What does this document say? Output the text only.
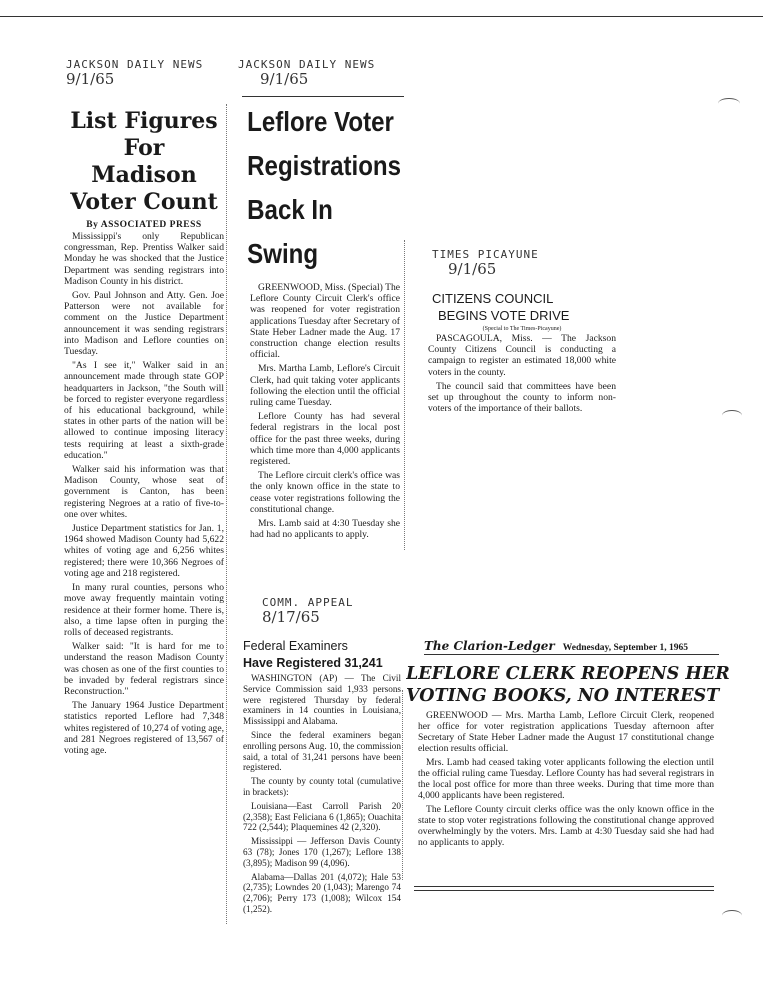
JACKSON DAILY NEWS
9/1/65
List Figures For Madison Voter Count
By ASSOCIATED PRESS

Mississippi's only Republican congressman, Rep. Prentiss Walker said Monday he was shocked that the Justice Department was sending registrars into Madison County in his district.

Gov. Paul Johnson and Atty. Gen. Joe Patterson were not available for comment on the Justice Department announcement it was sending registrars into Madison and Leflore counties on Tuesday.

"As I see it," Walker said in an announcement made through state GOP headquarters in Jackson, "the South will be forced to register everyone regardless of his educational background, while states in other parts of the nation will be allowed to continue imposing literacy tests requiring at least a sixth-grade education."

Walker said his information was that Madison County, whose seat of government is Canton, has been registering Negroes at a ratio of five-to-one over whites.

Justice Department statistics for Jan. 1, 1964 showed Madison County had 5,622 whites of voting age and 6,256 whites registered; there were 10,366 Negroes of voting age and 218 registered.

In many rural counties, persons who move away frequently maintain voting residence at their former home. There is, also, a time lapse often in purging the rolls of deceased registrants.

Walker said: "It is hard for me to understand the reason Madison County was chosen as one of the first counties to be invaded by federal registrars since Reconstruction."

The January 1964 Justice Department statistics reported Leflore had 7,348 whites registered of 10,274 of voting age, and 281 Negroes registered of 13,567 of voting age.

JACKSON DAILY NEWS
9/1/65
Leflore Voter
Registrations
Back In Swing

GREENWOOD, Miss. (Special) The Leflore County Circuit Clerk's office was reopened for voter registration applications Tuesday after Secretary of State Heber Ladner made the Aug. 17 construction change election results official.

Mrs. Martha Lamb, Leflore's Circuit Clerk, had quit taking voter applicants following the election until the official ruling came Tuesday.

Leflore County has had several federal registrars in the local post office for the past three weeks, during which time more than 4,000 applicants registered.

The Leflore circuit clerk's office was the only known office in the state to cease voter registrations following the constitutional change.

Mrs. Lamb said at 4:30 Tuesday she had had no applicants to apply.

TIMES PICAYUNE
9/1/65
CITIZENS COUNCIL
BEGINS VOTE DRIVE
(Special to The Times-Picayune)

PASCAGOULA, Miss. — The Jackson County Citizens Council is conducting a campaign to register an estimated 18,000 white voters in the county.

The council said that committees have been set up throughout the county to inform non-voters of the importance of their ballots.

COMM. APPEAL
8/17/65
Federal Examiners
Have Registered 31,241

WASHINGTON (AP) — The Civil Service Commission said 1,933 persons were registered Thursday by federal examiners in 14 counties in Louisiana, Mississippi and Alabama.

Since the federal examiners began enrolling persons Aug. 10, the commission said, a total of 31,241 persons have been registered.

The county by county total (cumulative in brackets):

Louisiana—East Carroll Parish 20 (2,358); East Feliciana 6 (1,865); Ouachita 722 (2,544); Plaquemines 42 (2,320).

Mississippi — Jefferson Davis County 63 (78); Jones 170 (1,267); Leflore 138 (3,895); Madison 99 (4,096).

Alabama—Dallas 201 (4,072); Hale 53 (2,735); Lowndes 20 (1,043); Marengo 74 (2,706); Perry 173 (1,008); Wilcox 154 (1,252).

The Clarion-Ledger Wednesday, September 1, 1965
LEFLORE CLERK REOPENS HER
VOTING BOOKS, NO INTEREST

GREENWOOD — Mrs. Martha Lamb, Leflore Circuit Clerk, reopened her office for voter registration applications Tuesday afternoon after Secretary of State Heber Ladner made the August 17 constitutional change election results official.

Mrs. Lamb had ceased taking voter applicants following the election until the official ruling came Tuesday. Leflore County has had several registrars in the local post office for more than three weeks. During that time more than 4,000 applicants have been registered.

The Leflore County circuit clerks office was the only known office in the state to stop voter registrations following the constitutional change approved overwhelmingly by the voters. Mrs. Lamb at 4:30 Tuesday said she had had no applicants to apply.
